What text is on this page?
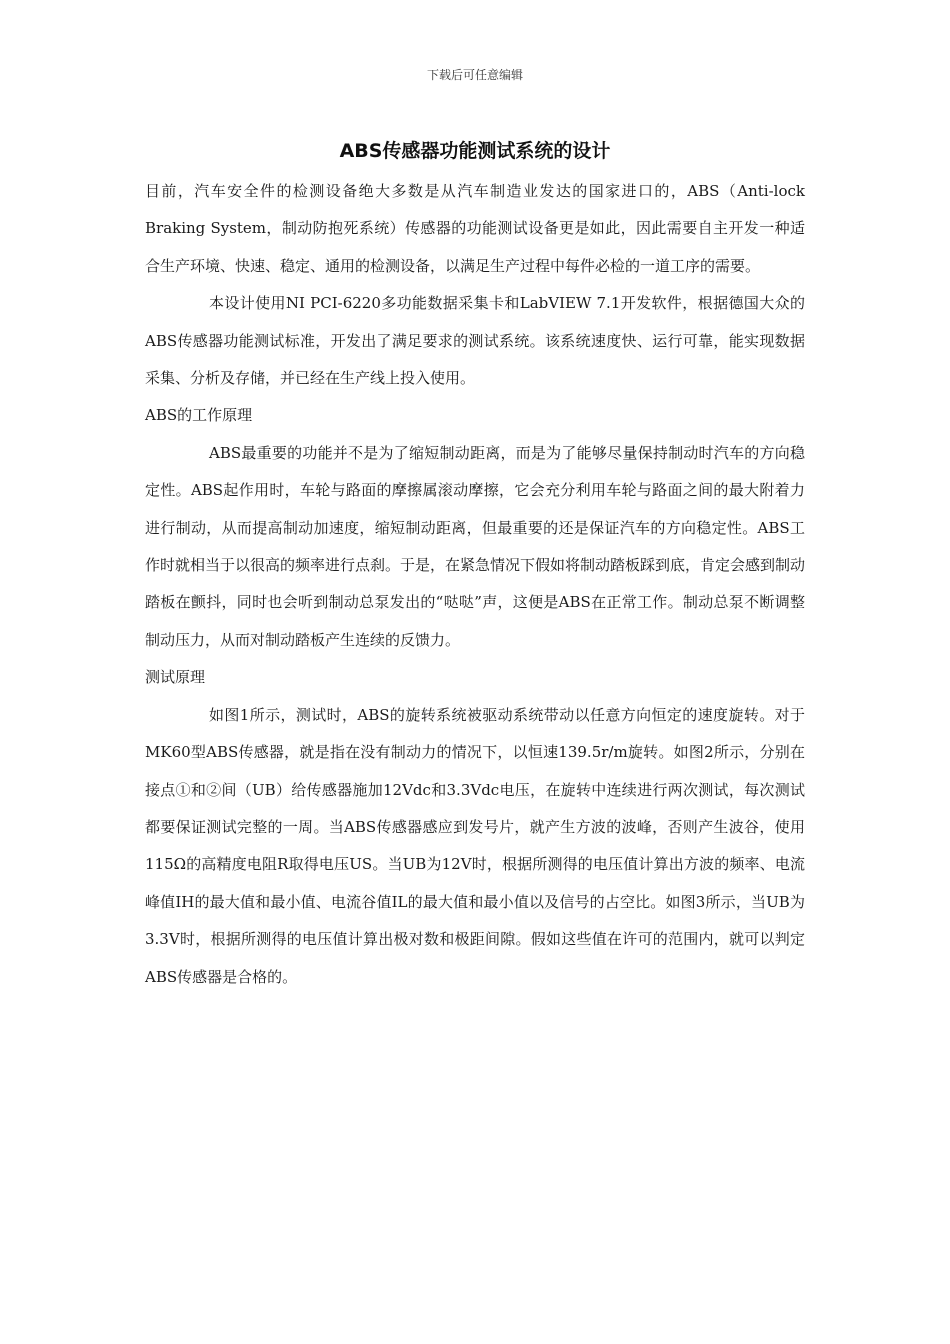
下载后可任意编辑
ABS传感器功能测试系统的设计

目前，汽车安全件的检测设备绝大多数是从汽车制造业发达的国家进口的，ABS（Anti-lock Braking System，制动防抱死系统）传感器的功能测试设备更是如此，因此需要自主开发一种适合生产环境、快速、稳定、通用的检测设备，以满足生产过程中每件必检的一道工序的需要。

本设计使用NI PCI-6220多功能数据采集卡和LabVIEW 7.1开发软件，根据德国大众的ABS传感器功能测试标准，开发出了满足要求的测试系统。该系统速度快、运行可靠，能实现数据采集、分析及存储，并已经在生产线上投入使用。

ABS的工作原理

ABS最重要的功能并不是为了缩短制动距离，而是为了能够尽量保持制动时汽车的方向稳定性。ABS起作用时，车轮与路面的摩擦属滚动摩擦，它会充分利用车轮与路面之间的最大附着力进行制动，从而提高制动加速度，缩短制动距离，但最重要的还是保证汽车的方向稳定性。ABS工作时就相当于以很高的频率进行点刹。于是，在紧急情况下假如将制动踏板踩到底，肯定会感到制动踏板在颤抖，同时也会听到制动总泵发出的“哒哒”声，这便是ABS在正常工作。制动总泵不断调整制动压力，从而对制动踏板产生连续的反馈力。

测试原理

如图1所示，测试时，ABS的旋转系统被驱动系统带动以任意方向恒定的速度旋转。对于MK60型ABS传感器，就是指在没有制动力的情况下，以恒速139.5r/m旋转。如图2所示，分别在接点①和②间（UB）给传感器施加12Vdc和3.3Vdc电压，在旋转中连续进行两次测试，每次测试都要保证测试完整的一周。当ABS传感器感应到发号片，就产生方波的波峰，否则产生波谷，使用115Ω的高精度电阻R取得电压US。当UB为12V时，根据所测得的电压值计算出方波的频率、电流峰值IH的最大值和最小值、电流谷值IL的最大值和最小值以及信号的占空比。如图3所示，当UB为3.3V时，根据所测得的电压值计算出极对数和极距间隙。假如这些值在许可的范围内，就可以判定ABS传感器是合格的。
